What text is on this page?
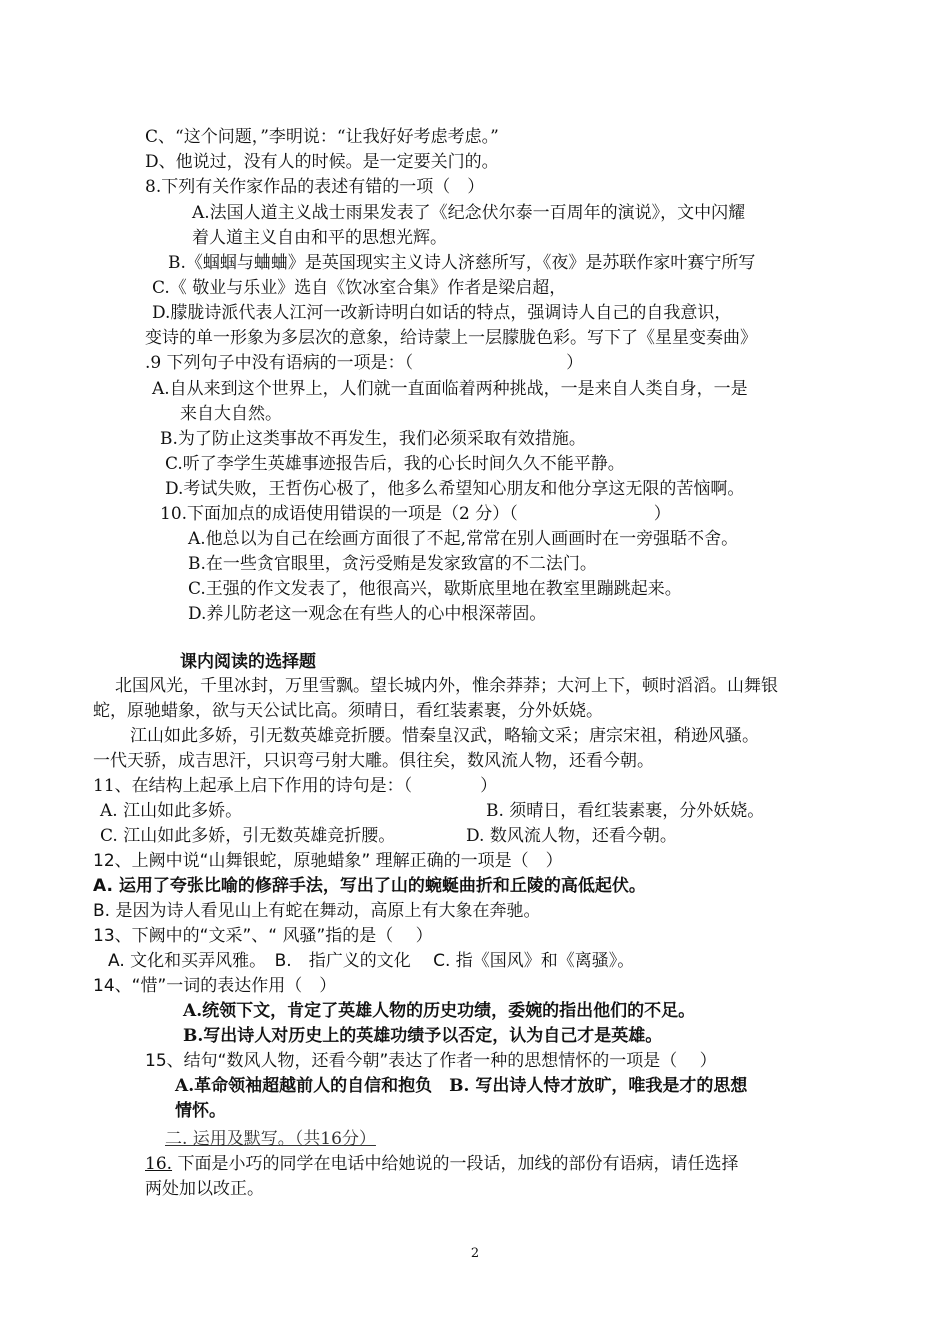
C、“这个问题，”李明说：“让我好好考虑考虑。”
D、他说过，没有人的时候。是一定要关门的。
8.下列有关作家作品的表述有错的一项（　）
A.法国人道主义战士雨果发表了《纪念伏尔泰一百周年的演说》，文中闪耀
着人道主义自由和平的思想光辉。
B.《蝈蝈与蛐蛐》是英国现实主义诗人济慈所写，《夜》是苏联作家叶赛宁所写
C.《 敬业与乐业》选自《饮冰室合集》作者是梁启超，
D.朦胧诗派代表人江河一改新诗明白如话的特点，强调诗人自己的自我意识，
变诗的单一形象为多层次的意象，给诗蒙上一层朦胧色彩。写下了《星星变奏曲》
.9 下列句子中没有语病的一项是：（　　　　　　　　　）
A.自从来到这个世界上，人们就一直面临着两种挑战，一是来自人类自身，一是
来自大自然。
B.为了防止这类事故不再发生，我们必须采取有效措施。
C.听了李学生英雄事迹报告后，我的心长时间久久不能平静。
D.考试失败，王哲伤心极了，他多么希望知心朋友和他分享这无限的苦恼啊。
10.下面加点的成语使用错误的一项是（2 分）（　　　　　　　　）
A.他总以为自己在绘画方面很了不起,常常在别人画画时在一旁强聒不舍。
B.在一些贪官眼里，贪污受贿是发家致富的不二法门。
C.王强的作文发表了，他很高兴，歇斯底里地在教室里蹦跳起来。
D.养儿防老这一观念在有些人的心中根深蒂固。
课内阅读的选择题
北国风光，千里冰封，万里雪飘。望长城内外，惟余莽莽；大河上下，顿时滔滔。山舞银
蛇，原驰蜡象，欲与天公试比高。须晴日，看红装素裹，分外妖娆。
江山如此多娇，引无数英雄竞折腰。惜秦皇汉武，略输文采；唐宗宋祖，稍逊风骚。
一代天骄，成吉思汗，只识弯弓射大雕。俱往矣，数风流人物，还看今朝。
11、在结构上起承上启下作用的诗句是：（　　　　）
A. 江山如此多娇。	B. 须晴日，看红装素裹，分外妖娆。
C. 江山如此多娇，引无数英雄竞折腰。	D. 数风流人物，还看今朝。
12、上阙中说“山舞银蛇，原驰蜡象” 理解正确的一项是（　）
A. 运用了夸张比喻的修辞手法，写出了山的蜿蜒曲折和丘陵的高低起伏。
B. 是因为诗人看见山上有蛇在舞动，高原上有大象在奔驰。
13、下阙中的“文采”、“ 风骚”指的是（　 ）
A. 文化和买弄风雅。　B.　指广义的文化　 C. 指《国风》和《离骚》。
14、“惜”一词的表达作用（　）
A.统领下文，肯定了英雄人物的历史功绩，委婉的指出他们的不足。
B.写出诗人对历史上的英雄功绩予以否定，认为自己才是英雄。
15、结句“数风人物，还看今朝”表达了作者一种的思想情怀的一项是（　 ）
A.革命领袖超越前人的自信和抱负　B. 写出诗人恃才放旷，唯我是才的思想
情怀。
二. 运用及默写。（共16分）
16. 下面是小巧的同学在电话中给她说的一段话，加线的部份有语病，请任选择
两处加以改正。
2
